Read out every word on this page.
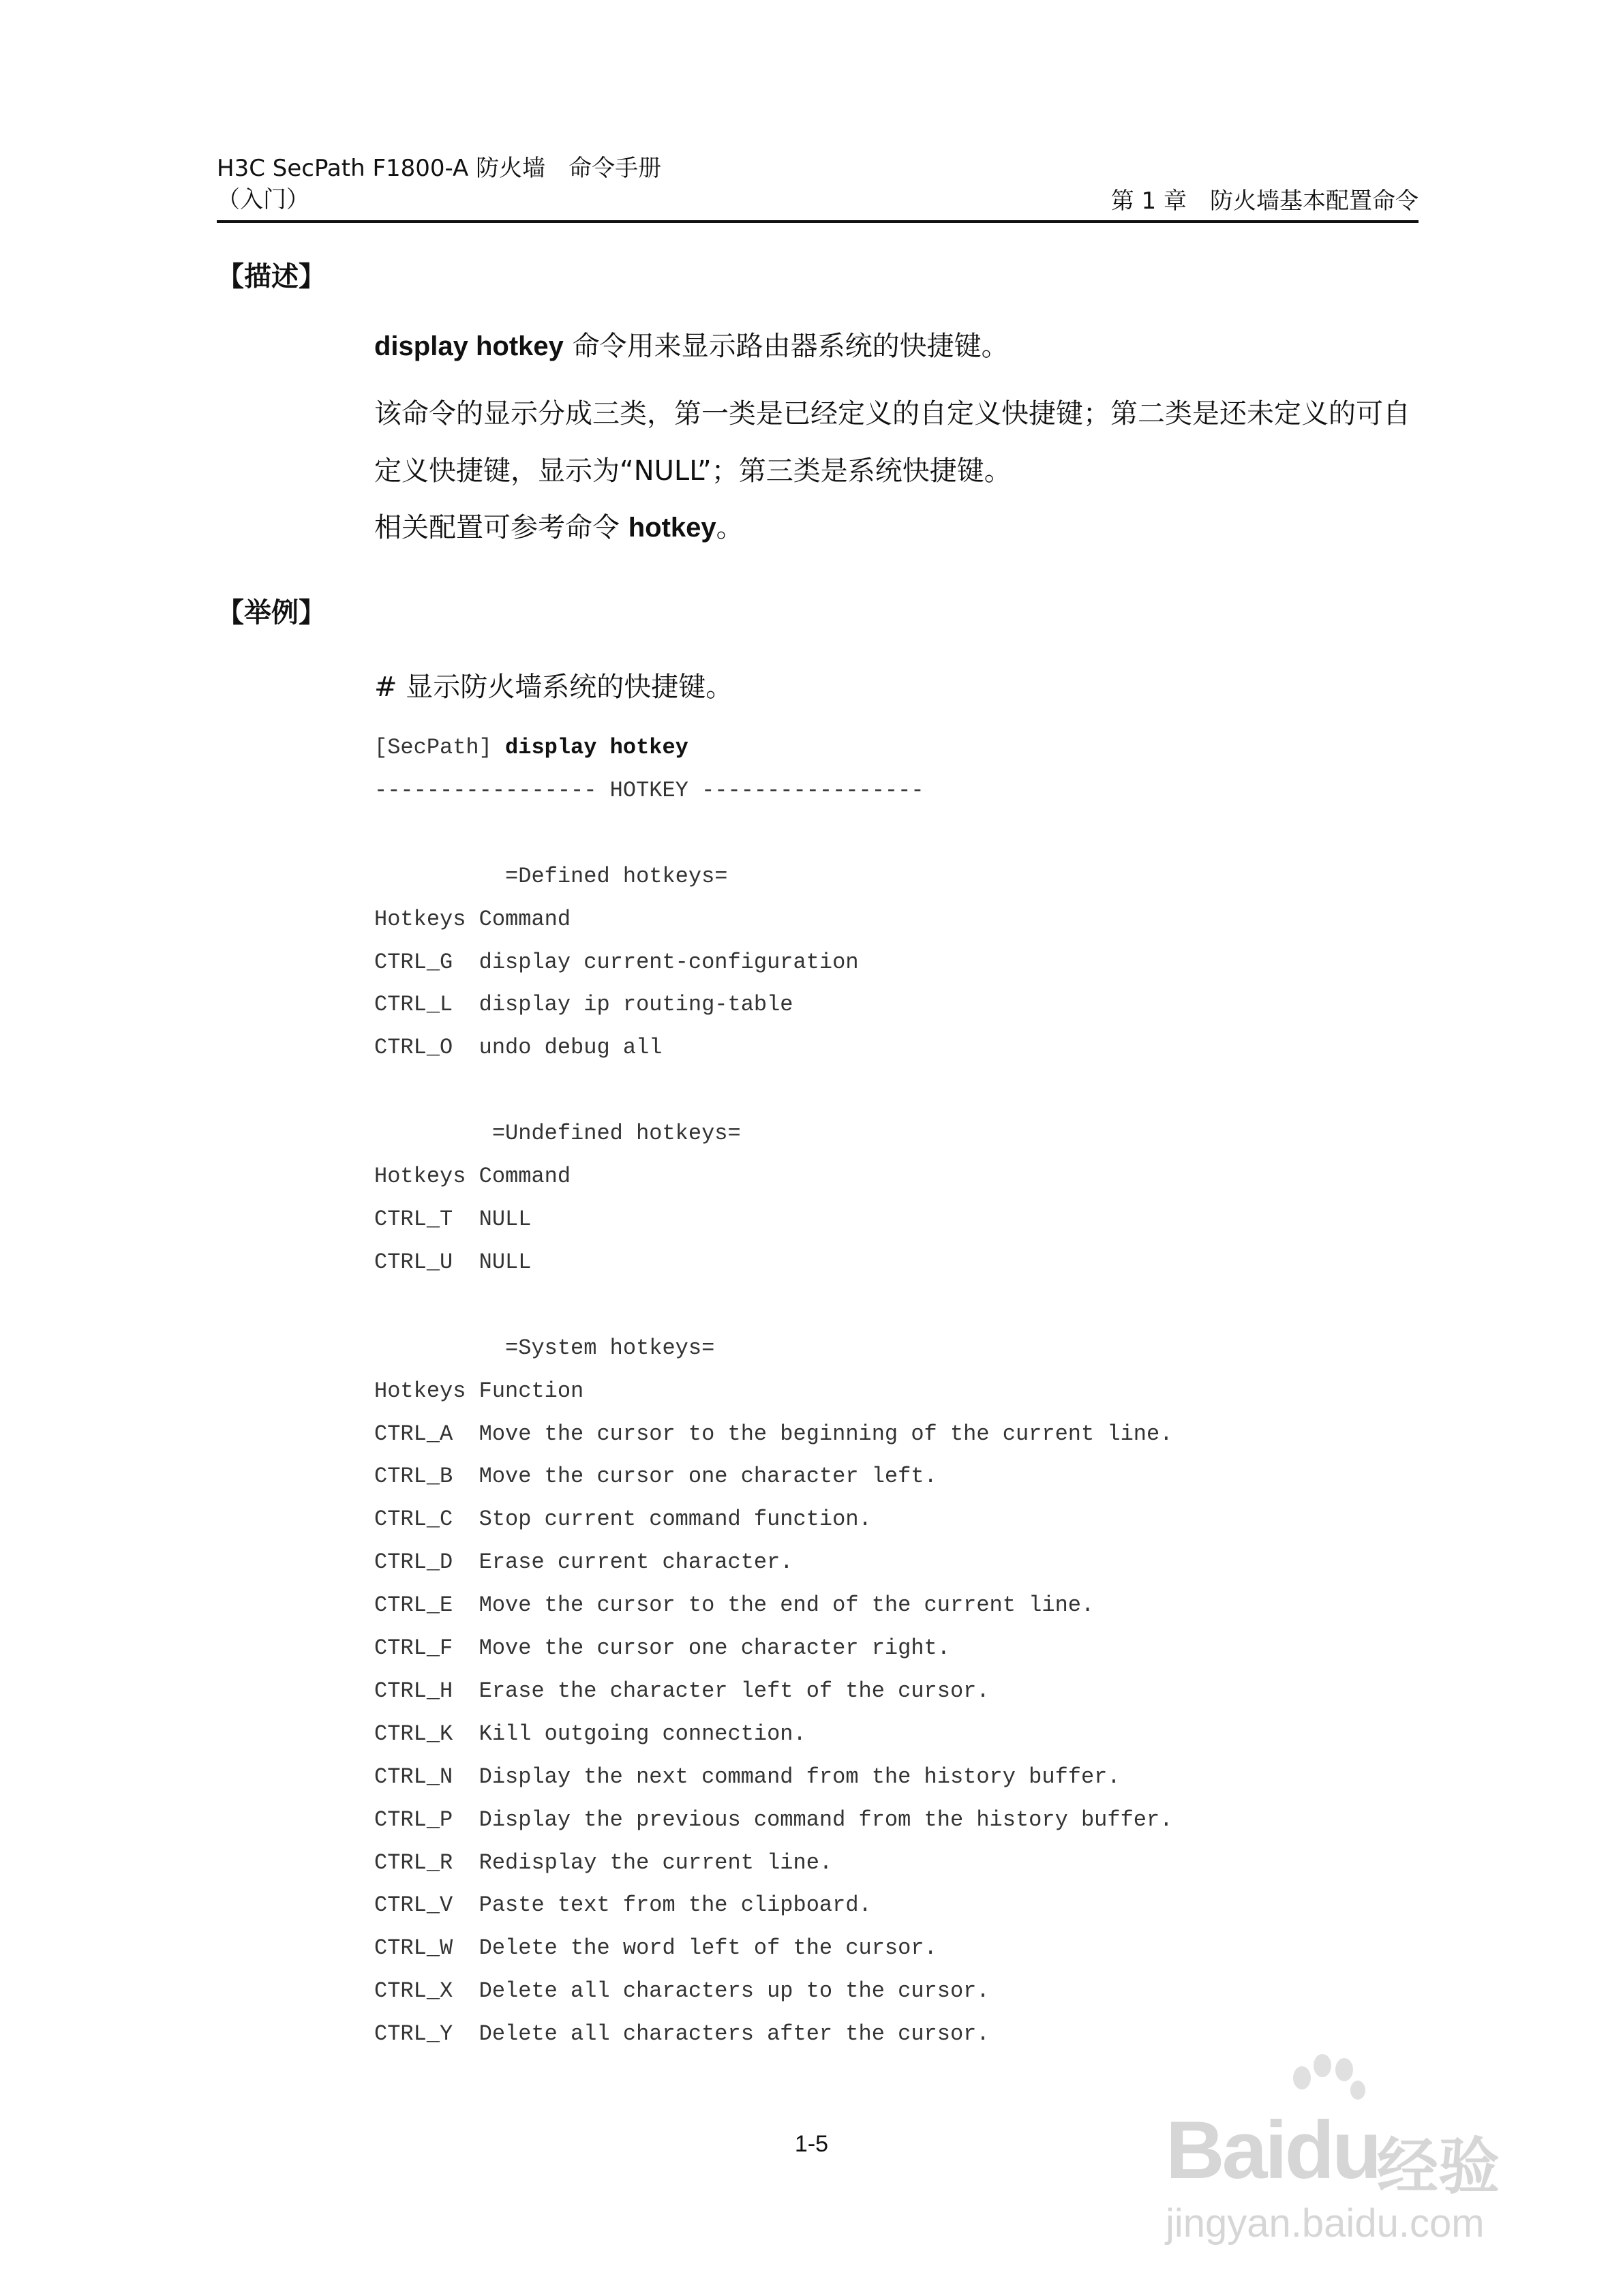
H3C SecPath F1800-A 防火墙　命令手册
（入门）	第 1 章　防火墙基本配置命令
【描述】
display hotkey 命令用来显示路由器系统的快捷键。
该命令的显示分成三类，第一类是已经定义的自定义快捷键；第二类是还未定义的可自定义快捷键，显示为“NULL”；第三类是系统快捷键。
相关配置可参考命令 hotkey。
【举例】
# 显示防火墙系统的快捷键。
[SecPath] display hotkey
----------------- HOTKEY -----------------

=Defined hotkeys=
Hotkeys Command
CTRL_G  display current-configuration
CTRL_L  display ip routing-table
CTRL_O  undo debug all

=Undefined hotkeys=
Hotkeys Command
CTRL_T  NULL
CTRL_U  NULL

=System hotkeys=
Hotkeys Function
CTRL_A  Move the cursor to the beginning of the current line.
CTRL_B  Move the cursor one character left.
CTRL_C  Stop current command function.
CTRL_D  Erase current character.
CTRL_E  Move the cursor to the end of the current line.
CTRL_F  Move the cursor one character right.
CTRL_H  Erase the character left of the cursor.
CTRL_K  Kill outgoing connection.
CTRL_N  Display the next command from the history buffer.
CTRL_P  Display the previous command from the history buffer.
CTRL_R  Redisplay the current line.
CTRL_V  Paste text from the clipboard.
CTRL_W  Delete the word left of the cursor.
CTRL_X  Delete all characters up to the cursor.
CTRL_Y  Delete all characters after the cursor.
1-5	Baidu
经验
jingyan.baidu.com
